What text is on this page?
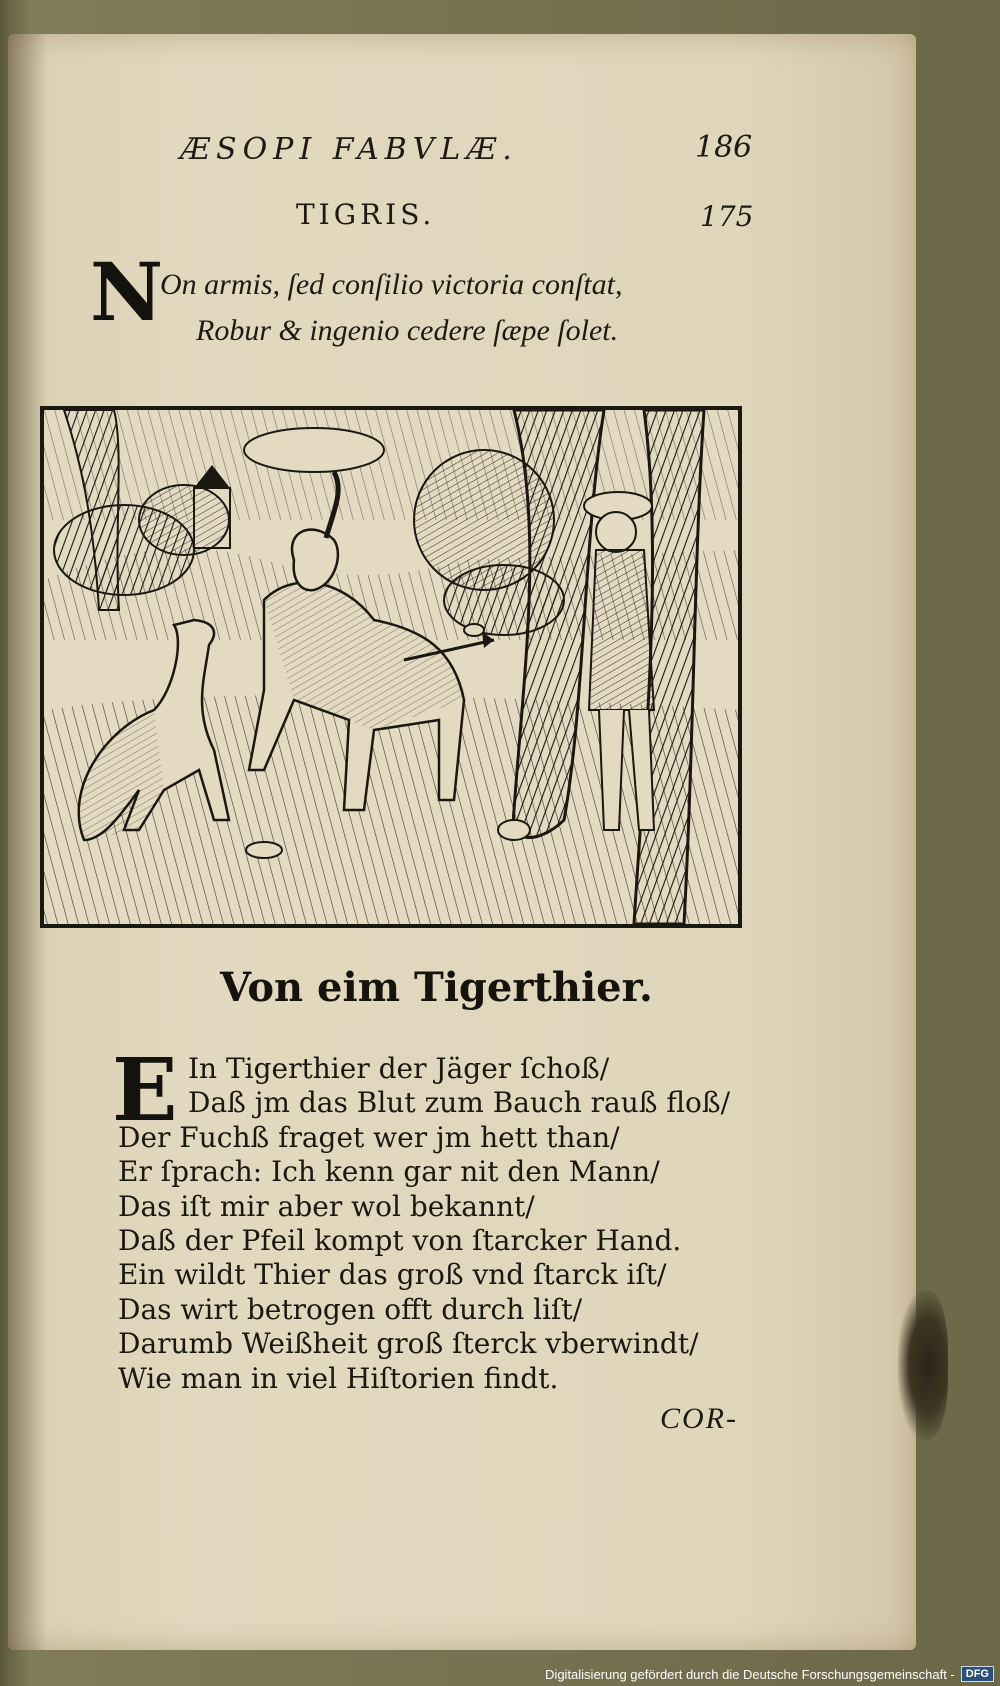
ÆSOPI FABVLÆ.	186
175
TIGRIS.
N
On armis, ſed conſilio victoria conſtat,
Robur & ingenio cedere ſæpe ſolet.
Von eim Tigerthier.
E In Tigerthier der Jäger ſchoß/
Daß jm das Blut zum Bauch rauß floß/
Der Fuchß fraget wer jm hett than/
Er ſprach: Ich kenn gar nit den Mann/
Das iſt mir aber wol bekannt/
Daß der Pfeil kompt von ſtarcker Hand.
Ein wildt Thier das groß vnd ſtarck iſt/
Das wirt betrogen offt durch liſt/
Darumb Weißheit groß ſterck vberwindt/
Wie man in viel Hiſtorien findt.
COR-
Digitalisierung gefördert durch die Deutsche Forschungsgemeinschaft -	DFG
